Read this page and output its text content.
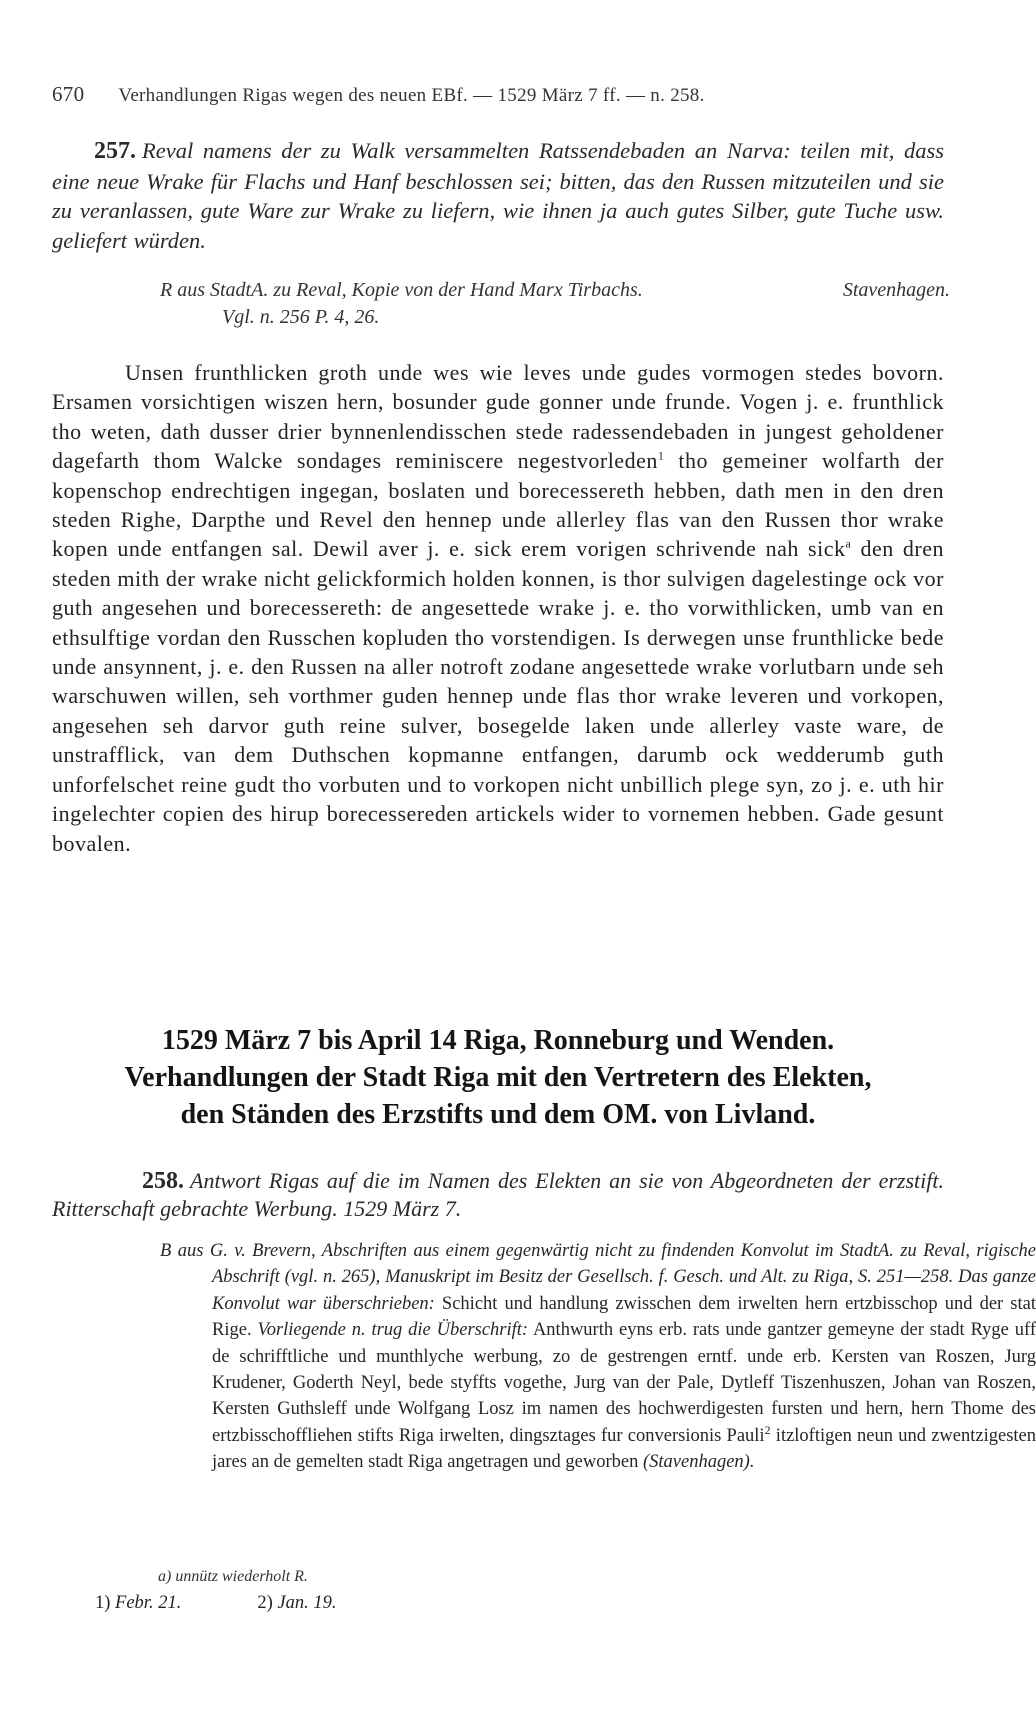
670 Verhandlungen Rigas wegen des neuen EBf. — 1529 März 7 ff. — n. 258.
257. Reval namens der zu Walk versammelten Ratssendebaden an Narva: teilen mit, dass eine neue Wrake für Flachs und Hanf beschlossen sei; bitten, das den Russen mitzuteilen und sie zu veranlassen, gute Ware zur Wrake zu liefern, wie ihnen ja auch gutes Silber, gute Tuche usw. geliefert würden.
R aus StadtA. zu Reval, Kopie von der Hand Marx Tirbachs.	Stavenhagen.
Vgl. n. 256 P. 4, 26.
Unsen frunthlicken groth unde wes wie leves unde gudes vormogen stedes bovorn. Ersamen vorsichtigen wiszen hern, bosunder gude gonner unde frunde. Vogen j. e. frunthlick tho weten, dath dusser drier bynnenlendisschen stede radessendebaden in jungest geholdener dagefarth thom Walcke sondages reminiscere negestvorleden$^1$ tho gemeiner wolfarth der kopenschop endrechtigen ingegan, boslaten und borecessereth hebben, dath men in den dren steden Righe, Darpthe und Revel den hennep unde allerley flas van den Russen thor wrake kopen unde entfangen sal. Dewil aver j. e. sick erem vorigen schrivende nah sick$^a$ den dren steden mith der wrake nicht gelickformich holden konnen, is thor sulvigen dagelestinge ock vor guth angesehen und borecessereth: de angesettede wrake j. e. tho vorwithlicken, umb van en ethsulftige vordan den Russchen kopluden tho vorstendigen. Is derwegen unse frunthlicke bede unde ansynnent, j. e. den Russen na aller notroft zodane angesettede wrake vorlutbarn unde seh warschuwen willen, seh vorthmer guden hennep unde flas thor wrake leveren und vorkopen, angesehen seh darvor guth reine sulver, bosegelde laken unde allerley vaste ware, de unstrafflick, van dem Duthschen kopmanne entfangen, darumb ock wedderumb guth unforfelschet reine gudt tho vorbuten und to vorkopen nicht unbillich plege syn, zo j. e. uth hir ingelechter copien des hirup borecessereden artickels wider to vornemen hebben. Gade gesunt bovalen.
1529 März 7 bis April 14 Riga, Ronneburg und Wenden.
Verhandlungen der Stadt Riga mit den Vertretern des Elekten,
den Ständen des Erzstifts und dem OM. von Livland.
258. Antwort Rigas auf die im Namen des Elekten an sie von Abgeordneten der erzstift. Ritterschaft gebrachte Werbung. 1529 März 7.
B aus G. v. Brevern, Abschriften aus einem gegenwärtig nicht zu findenden Konvolut im StadtA. zu Reval, rigische Abschrift (vgl. n. 265), Manuskript im Besitz der Gesellsch. f. Gesch. und Alt. zu Riga, S. 251—258. Das ganze Konvolut war überschrieben: Schicht und handlung zwisschen dem irwelten hern ertzbisschop und der stat Rige. Vorliegende n. trug die Überschrift: Anthwurth eyns erb. rats unde gantzer gemeyne der stadt Ryge uff de schrifftliche und munthlyche werbung, zo de gestrengen erntf. unde erb. Kersten van Roszen, Jurg Krudener, Goderth Neyl, bede styffts vogethe, Jurg van der Pale, Dytleff Tiszenhuszen, Johan van Roszen, Kersten Guthsleff unde Wolfgang Losz im namen des hochwerdigesten fursten und hern, hern Thome des ertzbisschoffliehen stifts Riga irwelten, dingsztages fur conversionis Pauli$^2$ itzloftigen neun und zwentzigesten jares an de gemelten stadt Riga angetragen und geworben (Stavenhagen).
a) unnütz wiederholt R.
1) Febr. 21.	2) Jan. 19.
